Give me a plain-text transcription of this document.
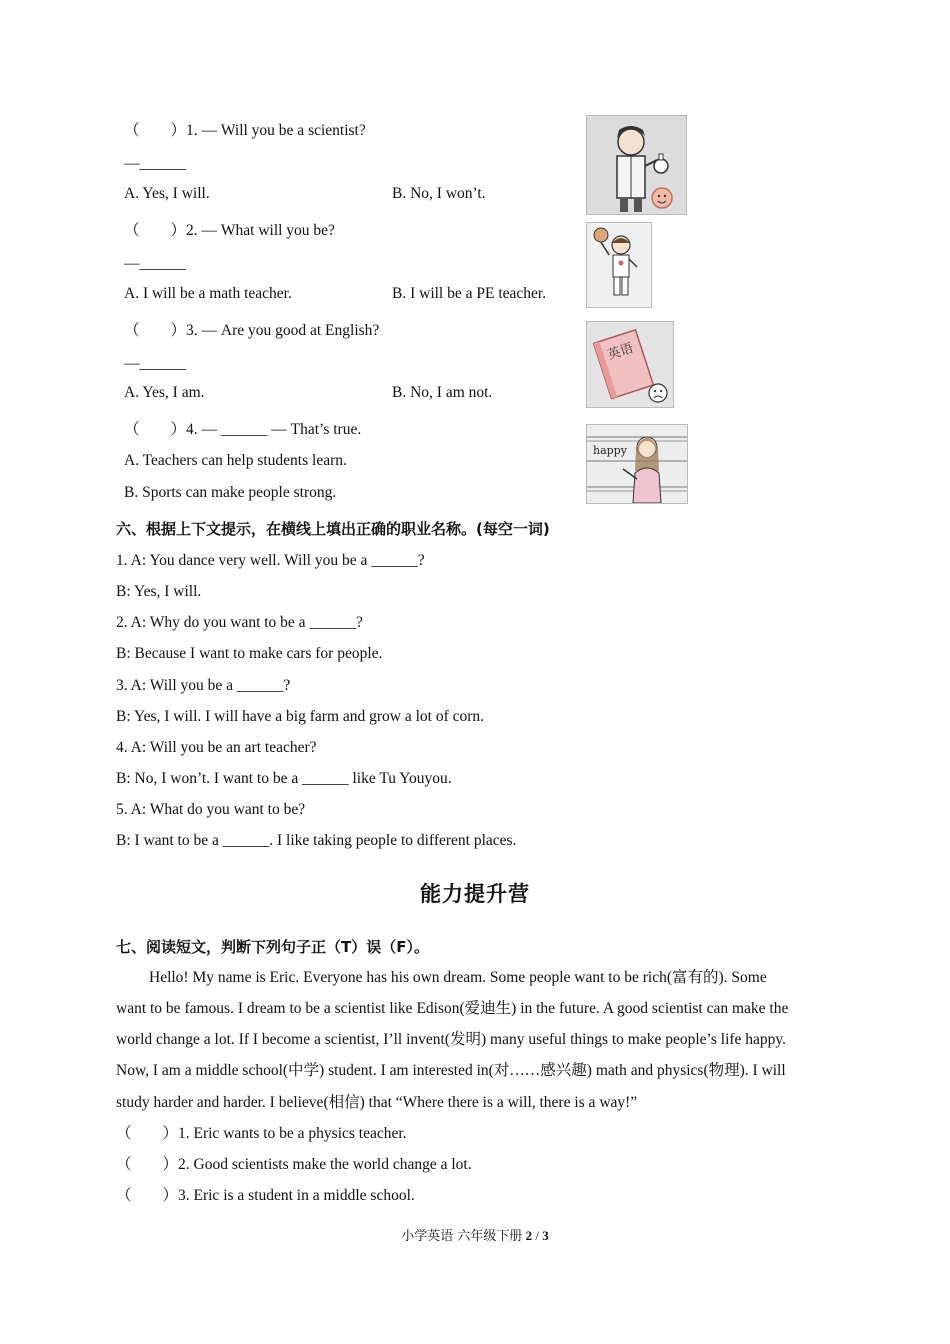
（　　）1. — Will you be a scientist?
—______
A. Yes, I will.	B. No, I won’t.
（　　）2. — What will you be?
—______
A. I will be a math teacher.	B. I will be a PE teacher.
（　　）3. — Are you good at English?
—______
A. Yes, I am.	B. No, I am not.
（　　）4. — ______ — That’s true.
A. Teachers can help students learn.
B. Sports can make people strong.
英语
happy
六、根据上下文提示，在横线上填出正确的职业名称。(每空一词)
1. A: You dance very well. Will you be a ______?
B: Yes, I will.
2. A: Why do you want to be a ______?
B: Because I want to make cars for people.
3. A: Will you be a ______?
B: Yes, I will. I will have a big farm and grow a lot of corn.
4. A: Will you be an art teacher?
B: No, I won’t. I want to be a ______ like Tu Youyou.
5. A: What do you want to be?
B: I want to be a ______. I like taking people to different places.
能力提升营
七、阅读短文，判断下列句子正（T）误（F）。
Hello! My name is Eric. Everyone has his own dream. Some people want to be rich(富有的). Some
want to be famous. I dream to be a scientist like Edison(爱迪生) in the future. A good scientist can make the
world change a lot. If I become a scientist, I’ll invent(发明) many useful things to make people’s life happy.
Now, I am a middle school(中学) student. I am interested in(对……感兴趣) math and physics(物理). I will
study harder and harder. I believe(相信) that “Where there is a will, there is a way!”
（　　）1. Eric wants to be a physics teacher.
（　　）2. Good scientists make the world change a lot.
（　　）3. Eric is a student in a middle school.
小学英语 六年级下册 2 / 3
